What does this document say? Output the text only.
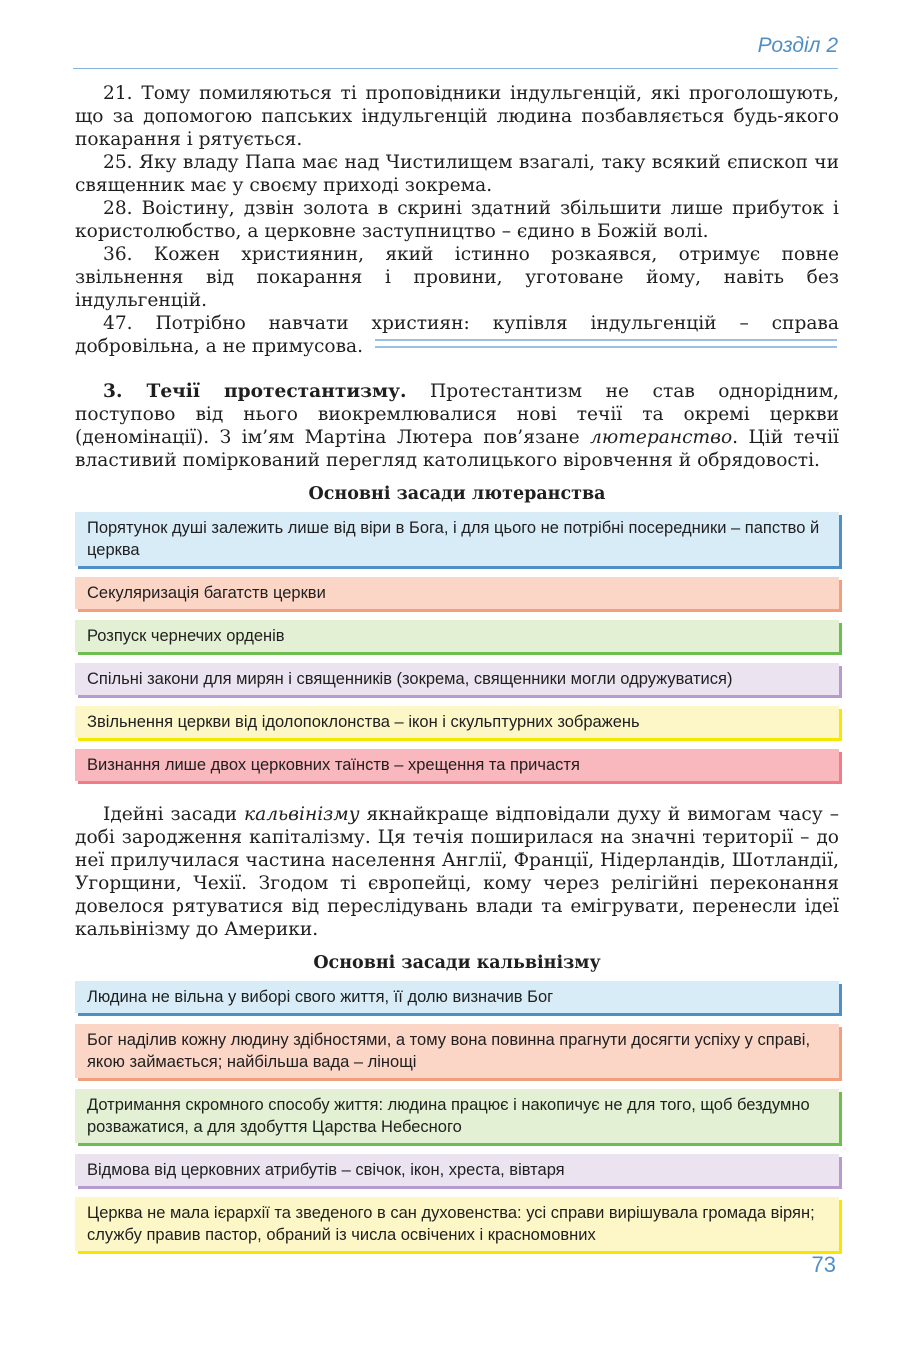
Розділ 2

21. Тому помиляються ті проповідники індульгенцій, які проголошують, що за допомогою папських індульгенцій людина позбавляється будь-якого покарання і рятується.

25. Яку владу Папа має над Чистилищем взагалі, таку всякий єпископ чи священник має у своєму приході зокрема.

28. Воістину, дзвін золота в скрині здатний збільшити лише прибуток і користолюбство, а церковне заступництво – єдино в Божій волі.

36. Кожен християнин, який істинно розкаявся, отримує повне звільнення від покарання і провини, уготоване йому, навіть без індульгенцій.

47. Потрібно навчати християн: купівля індульгенцій – справа добровільна, а не примусова.

3. Течії протестантизму. Протестантизм не став однорідним, поступово від нього виокремлювалися нові течії та окремі церкви (деномінації). З ім’ям Мартіна Лютера пов’язане лютеранство. Цій течії властивий поміркований перегляд католицького віровчення й обрядовості.

Основні засади лютеранства
Порятунок душі залежить лише від віри в Бога, і для цього не потрібні посередники – папство й церква
Секуляризація багатств церкви
Розпуск чернечих орденів
Спільні закони для мирян і священників (зокрема, священники могли одружуватися)
Звільнення церкви від ідолопоклонства – ікон і скульптурних зображень
Визнання лише двох церковних таїнств – хрещення та причастя

Ідейні засади кальвінізму якнайкраще відповідали духу й вимогам часу – добі зародження капіталізму. Ця течія поширилася на значні території – до неї прилучилася частина населення Англії, Франції, Нідерландів, Шотландії, Угорщини, Чехії. Згодом ті європейці, кому через релігійні переконання довелося рятуватися від переслідувань влади та емігрувати, перенесли ідеї кальвінізму до Америки.

Основні засади кальвінізму
Людина не вільна у виборі свого життя, її долю визначив Бог
Бог наділив кожну людину здібностями, а тому вона повинна прагнути досягти успіху у справі, якою займається; найбільша вада – лінощі
Дотримання скромного способу життя: людина працює і накопичує не для того, щоб бездумно розважатися, а для здобуття Царства Небесного
Відмова від церковних атрибутів – свічок, ікон, хреста, вівтаря
Церква не мала ієрархії та зведеного в сан духовенства: усі справи вирішувала громада вірян; службу правив пастор, обраний із числа освічених і красномовних
73
